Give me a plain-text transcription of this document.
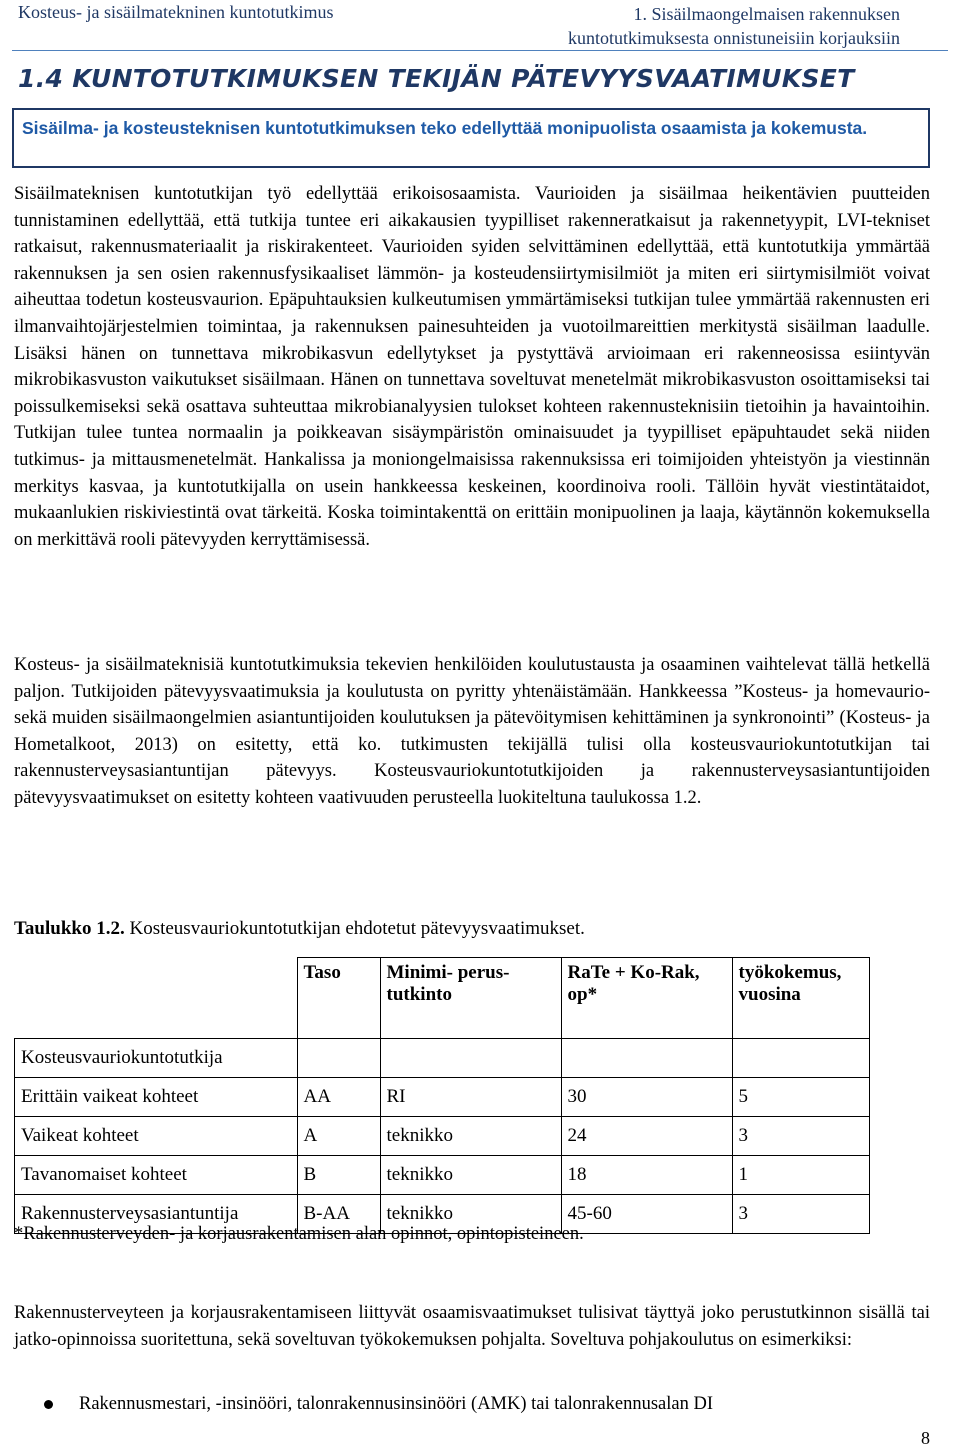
Kosteus- ja sisäilmatekninen kuntotutkimus	1. Sisäilmaongelmaisen rakennuksen
kuntotutkimuksesta onnistuneisiin korjauksiin
1.4 KUNTOTUTKIMUKSEN TEKIJÄN PÄTEVYYSVAATIMUKSET
Sisäilma- ja kosteusteknisen kuntotutkimuksen teko edellyttää monipuolista osaamista ja kokemusta.

Sisäilmateknisen kuntotutkijan työ edellyttää erikoisosaamista. Vaurioiden ja sisäilmaa heikentävien puutteiden tunnistaminen edellyttää, että tutkija tuntee eri aikakausien tyypilliset rakenneratkaisut ja rakennetyypit, LVI-tekniset ratkaisut, rakennusmateriaalit ja riskirakenteet. Vaurioiden syiden selvittäminen edellyttää, että kuntotutkija ymmärtää rakennuksen ja sen osien rakennusfysikaaliset lämmön- ja kosteudensiirtymisilmiöt ja miten eri siirtymisilmiöt voivat aiheuttaa todetun kosteusvaurion. Epäpuhtauksien kulkeutumisen ymmärtämiseksi tutkijan tulee ymmärtää rakennusten eri ilmanvaihtojärjestelmien toimintaa, ja rakennuksen painesuhteiden ja vuotoilmareittien merkitystä sisäilman laadulle. Lisäksi hänen on tunnettava mikrobikasvun edellytykset ja pystyttävä arvioimaan eri rakenneosissa esiintyvän mikrobikasvuston vaikutukset sisäilmaan. Hänen on tunnettava soveltuvat menetelmät mikrobikasvuston osoittamiseksi tai poissulkemiseksi sekä osattava suhteuttaa mikrobianalyysien tulokset kohteen rakennusteknisiin tietoihin ja havaintoihin. Tutkijan tulee tuntea normaalin ja poikkeavan sisäympäristön ominaisuudet ja tyypilliset epäpuhtaudet sekä niiden tutkimus- ja mittausmenetelmät. Hankalissa ja moniongelmaisissa rakennuksissa eri toimijoiden yhteistyön ja viestinnän merkitys kasvaa, ja kuntotutkijalla on usein hankkeessa keskeinen, koordinoiva rooli. Tällöin hyvät viestintätaidot, mukaanlukien riskiviestintä ovat tärkeitä. Koska toimintakenttä on erittäin monipuolinen ja laaja, käytännön kokemuksella on merkittävä rooli pätevyyden kerryttämisessä.

Kosteus- ja sisäilmateknisiä kuntotutkimuksia tekevien henkilöiden koulutustausta ja osaaminen vaihtelevat tällä hetkellä paljon. Tutkijoiden pätevyysvaatimuksia ja koulutusta on pyritty yhtenäistämään. Hankkeessa ”Kosteus- ja homevaurio- sekä muiden sisäilmaongelmien asiantuntijoiden koulutuksen ja pätevöitymisen kehittäminen ja synkronointi” (Kosteus- ja Hometalkoot, 2013) on esitetty, että ko. tutkimusten tekijällä tulisi olla kosteusvauriokuntotutkijan tai rakennusterveysasiantuntijan pätevyys. Kosteusvauriokuntotutkijoiden ja rakennusterveysasiantuntijoiden pätevyysvaatimukset on esitetty kohteen vaativuuden perusteella luokiteltuna taulukossa 1.2.

Taulukko 1.2. Kosteusvauriokuntotutkijan ehdotetut pätevyysvaatimukset.
	Taso	Minimi- perus-tutkinto	RaTe + Ko-Rak, op*	työkokemus, vuosina
Kosteusvauriokuntotutkija				
Erittäin vaikeat kohteet	AA	RI	30	5
Vaikeat kohteet	A	teknikko	24	3
Tavanomaiset kohteet	B	teknikko	18	1
Rakennusterveysasiantuntija	B-AA	teknikko	45-60	3
*Rakennusterveyden- ja korjausrakentamisen alan opinnot, opintopisteineen.

Rakennusterveyteen ja korjausrakentamiseen liittyvät osaamisvaatimukset tulisivat täyttyä joko perustutkinnon sisällä tai jatko-opinnoissa suoritettuna, sekä soveltuvan työkokemuksen pohjalta. Soveltuva pohjakoulutus on esimerkiksi:

Rakennusmestari, -insinööri, talonrakennusinsinööri (AMK) tai talonrakennusalan DI
8
